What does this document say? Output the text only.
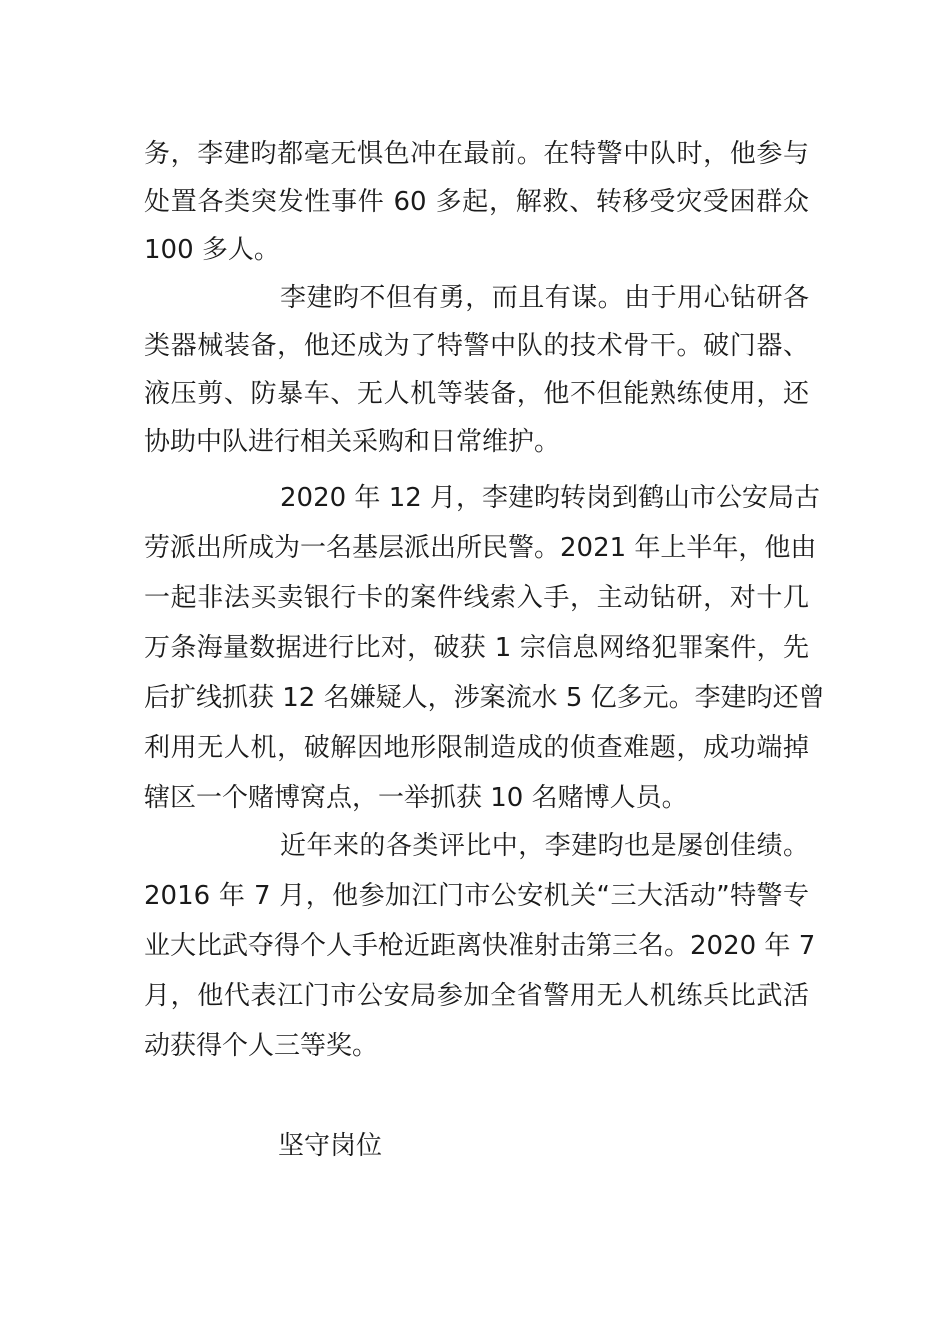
务，李建昀都毫无惧色冲在最前。在特警中队时，他参与
处置各类突发性事件 60 多起，解救、转移受灾受困群众
100 多人。
李建昀不但有勇，而且有谋。由于用心钻研各
类器械装备，他还成为了特警中队的技术骨干。破门器、
液压剪、防暴车、无人机等装备，他不但能熟练使用，还
协助中队进行相关采购和日常维护。
2020 年 12 月，李建昀转岗到鹤山市公安局古
劳派出所成为一名基层派出所民警。2021 年上半年，他由
一起非法买卖银行卡的案件线索入手，主动钻研，对十几
万条海量数据进行比对，破获 1 宗信息网络犯罪案件，先
后扩线抓获 12 名嫌疑人，涉案流水 5 亿多元。李建昀还曾
利用无人机，破解因地形限制造成的侦查难题，成功端掉
辖区一个赌博窝点，一举抓获 10 名赌博人员。
近年来的各类评比中，李建昀也是屡创佳绩。
2016 年 7 月，他参加江门市公安机关“三大活动”特警专
业大比武夺得个人手枪近距离快准射击第三名。2020 年 7
月，他代表江门市公安局参加全省警用无人机练兵比武活
动获得个人三等奖。
坚守岗位
